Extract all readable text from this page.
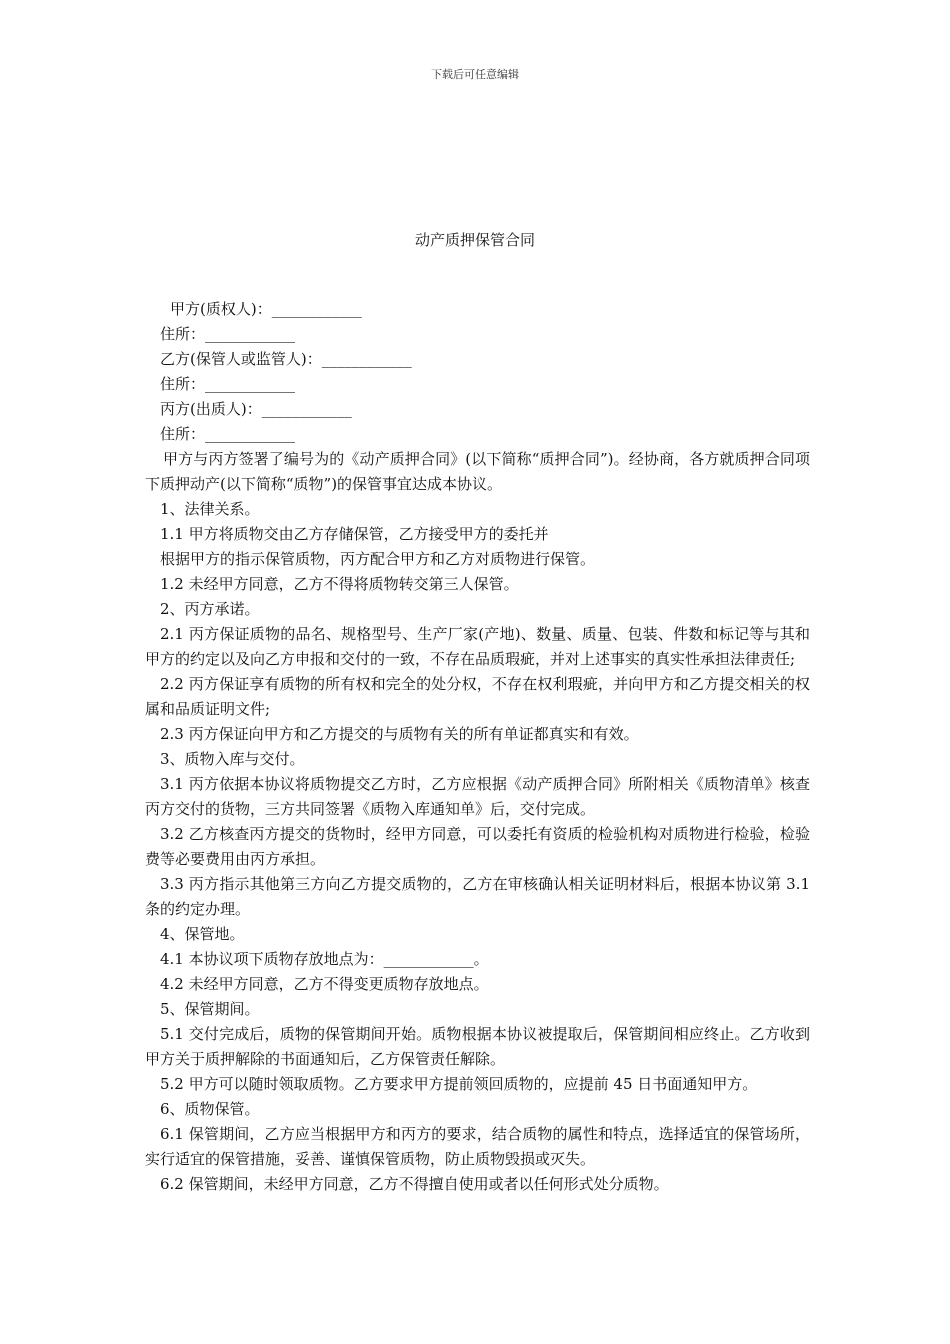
下载后可任意编辑
动产质押保管合同
甲方(质权人)：____________
住所：____________
乙方(保管人或监管人)：____________
住所：____________
丙方(出质人)：____________
住所：____________
甲方与丙方签署了编号为的《动产质押合同》(以下简称“质押合同”)。经协商，各方就质押合同项下质押动产(以下简称“质物”)的保管事宜达成本协议。
1、法律关系。
1.1 甲方将质物交由乙方存储保管，乙方接受甲方的委托并
根据甲方的指示保管质物，丙方配合甲方和乙方对质物进行保管。
1.2 未经甲方同意，乙方不得将质物转交第三人保管。
2、丙方承诺。
2.1 丙方保证质物的品名、规格型号、生产厂家(产地)、数量、质量、包装、件数和标记等与其和甲方的约定以及向乙方申报和交付的一致，不存在品质瑕疵，并对上述事实的真实性承担法律责任;
2.2 丙方保证享有质物的所有权和完全的处分权，不存在权利瑕疵，并向甲方和乙方提交相关的权属和品质证明文件;
2.3 丙方保证向甲方和乙方提交的与质物有关的所有单证都真实和有效。
3、质物入库与交付。
3.1 丙方依据本协议将质物提交乙方时，乙方应根据《动产质押合同》所附相关《质物清单》核查丙方交付的货物，三方共同签署《质物入库通知单》后，交付完成。
3.2 乙方核查丙方提交的货物时，经甲方同意，可以委托有资质的检验机构对质物进行检验，检验费等必要费用由丙方承担。
3.3 丙方指示其他第三方向乙方提交质物的，乙方在审核确认相关证明材料后，根据本协议第 3.1 条的约定办理。
4、保管地。
4.1 本协议项下质物存放地点为：____________。
4.2 未经甲方同意，乙方不得变更质物存放地点。
5、保管期间。
5.1 交付完成后，质物的保管期间开始。质物根据本协议被提取后，保管期间相应终止。乙方收到甲方关于质押解除的书面通知后，乙方保管责任解除。
5.2 甲方可以随时领取质物。乙方要求甲方提前领回质物的，应提前 45 日书面通知甲方。
6、质物保管。
6.1 保管期间，乙方应当根据甲方和丙方的要求，结合质物的属性和特点，选择适宜的保管场所，实行适宜的保管措施，妥善、谨慎保管质物，防止质物毁损或灭失。
6.2 保管期间，未经甲方同意，乙方不得擅自使用或者以任何形式处分质物。
